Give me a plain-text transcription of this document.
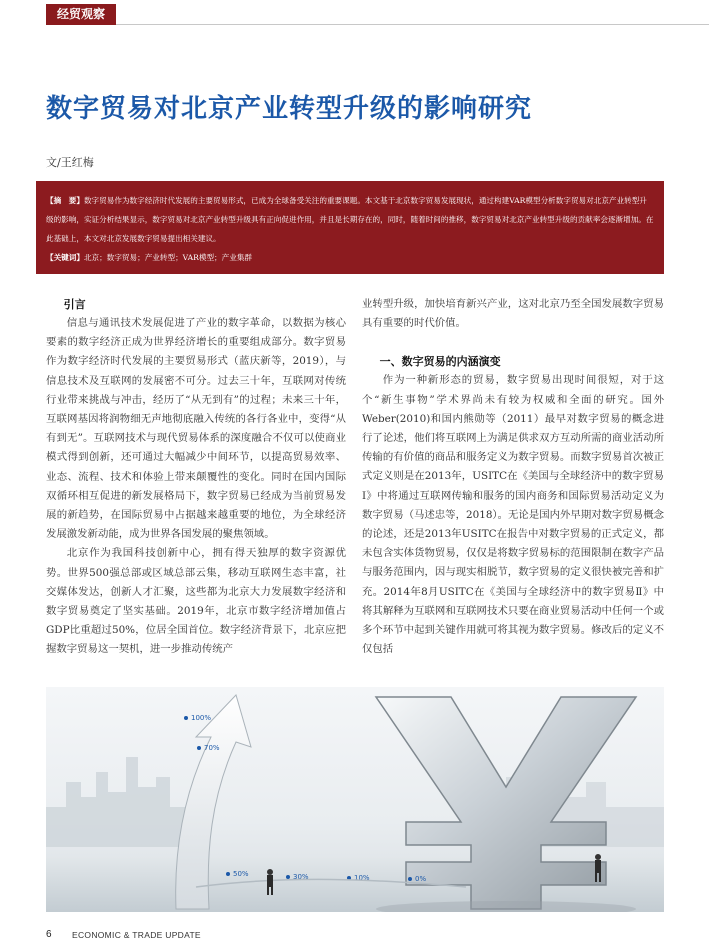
经贸观察
数字贸易对北京产业转型升级的影响研究
文/王红梅
【摘　要】数字贸易作为数字经济时代发展的主要贸易形式，已成为全球备受关注的重要课题。本文基于北京数字贸易发展现状，通过构建VAR模型分析数字贸易对北京产业转型升级的影响，实证分析结果显示，数字贸易对北京产业转型升级具有正向促进作用，并且是长期存在的，同时，随着时间的推移，数字贸易对北京产业转型升级的贡献率会逐渐增加。在此基础上，本文对北京发展数字贸易提出相关建议。
【关键词】北京；数字贸易；产业转型；VAR模型；产业集群
引言

信息与通讯技术发展促进了产业的数字革命，以数据为核心要素的数字经济正成为世界经济增长的重要组成部分。数字贸易作为数字经济时代发展的主要贸易形式（蓝庆新等，2019），与信息技术及互联网的发展密不可分。过去三十年，互联网对传统行业带来挑战与冲击，经历了“从无到有”的过程；未来三十年，互联网基因将润物细无声地彻底融入传统的各行各业中，变得“从有到无”。互联网技术与现代贸易体系的深度融合不仅可以使商业模式得到创新，还可通过大幅减少中间环节，以提高贸易效率、业态、流程、技术和体验上带来颠覆性的变化。同时在国内国际双循环相互促进的新发展格局下，数字贸易已经成为当前贸易发展的新趋势，在国际贸易中占据越来越重要的地位，为全球经济发展激发新动能，成为世界各国发展的聚焦领域。

北京作为我国科技创新中心，拥有得天独厚的数字资源优势。世界500强总部或区域总部云集，移动互联网生态丰富，社交媒体发达，创新人才汇聚，这些都为北京大力发展数字经济和数字贸易奠定了坚实基础。2019年，北京市数字经济增加值占GDP比重超过50%，位居全国首位。数字经济背景下，北京应把握数字贸易这一契机，进一步推动传统产

业转型升级，加快培育新兴产业，这对北京乃至全国发展数字贸易具有重要的时代价值。

一、数字贸易的内涵演变

作为一种新形态的贸易，数字贸易出现时间很短，对于这个“新生事物”学术界尚未有较为权威和全面的研究。国外Weber(2010)和国内熊勋等（2011）最早对数字贸易的概念进行了论述，他们将互联网上为满足供求双方互动所需的商业活动所传输的有价值的商品和服务定义为数字贸易。而数字贸易首次被正式定义则是在2013年，USITC在《美国与全球经济中的数字贸易Ⅰ》中将通过互联网传输和服务的国内商务和国际贸易活动定义为数字贸易（马述忠等，2018）。无论是国内外早期对数字贸易概念的论述，还是2013年USITC在报告中对数字贸易的正式定义，都未包含实体货物贸易，仅仅是将数字贸易标的范围限制在数字产品与服务范围内，因与现实相脱节，数字贸易的定义很快被完善和扩充。2014年8月USITC在《美国与全球经济中的数字贸易Ⅱ》中将其解释为互联网和互联网技术只要在商业贸易活动中任何一个或多个环节中起到关键作用就可将其视为数字贸易。修改后的定义不仅包括

100%
70%
50%	30%	10%	0%
6 ECONOMIC & TRADE UPDATE
